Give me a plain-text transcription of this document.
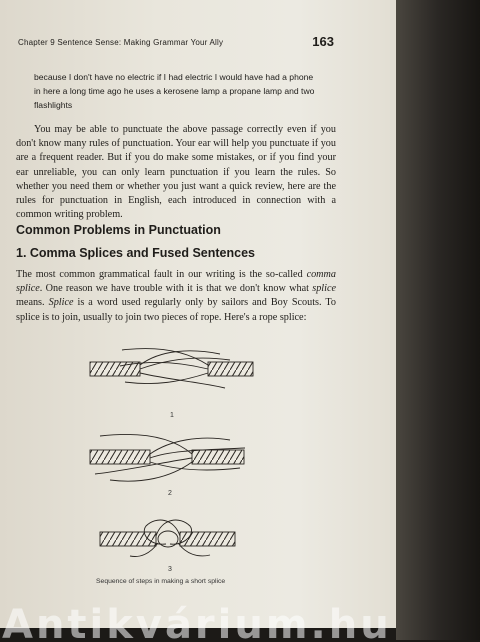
Chapter 9 Sentence Sense: Making Grammar Your Ally	163

because I don't have no electric if I had electric I would have had a phone in here a long time ago he uses a kerosene lamp a propane lamp and two flashlights

You may be able to punctuate the above passage correctly even if you don't know many rules of punctuation. Your ear will help you punctuate if you are a frequent reader. But if you do make some mistakes, or if you find your ear unreliable, you can only learn punctuation if you learn the rules. So whether you need them or whether you just want a quick review, here are the rules for punctuation in English, each introduced in connection with a common writing problem.

Common Problems in Punctuation
1. Comma Splices and Fused Sentences

The most common grammatical fault in our writing is the so-called comma splice. One reason we have trouble with it is that we don't know what splice means. Splice is a word used regularly only by sailors and Boy Scouts. To splice is to join, usually to join two pieces of rope. Here's a rope splice:

1
2
3
Sequence of steps in making a short splice
Antikvárium.hu
